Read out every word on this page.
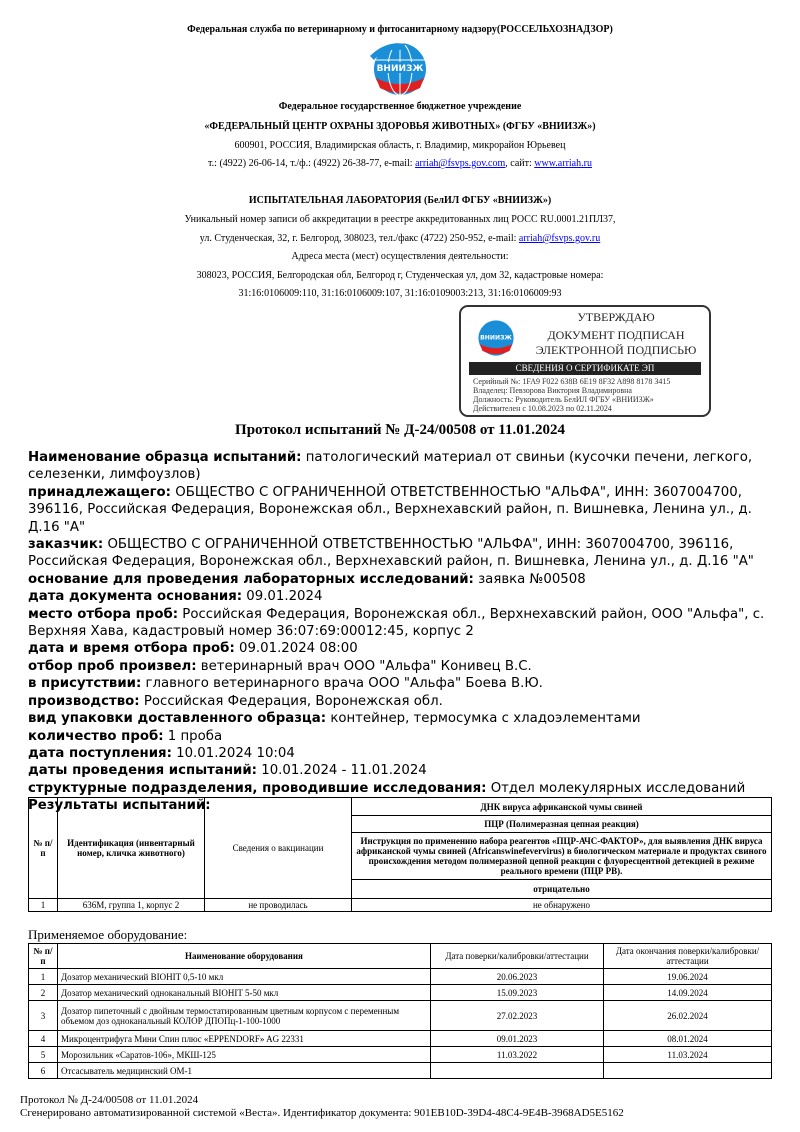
Федеральная служба по ветеринарному и фитосанитарному надзору(РОССЕЛЬХОЗНАДЗОР)
ВНИИЗЖ
Федеральное государственное бюджетное учреждение
«ФЕДЕРАЛЬНЫЙ ЦЕНТР ОХРАНЫ ЗДОРОВЬЯ ЖИВОТНЫХ» (ФГБУ «ВНИИЗЖ»)
600901, РОССИЯ, Владимирская область, г. Владимир, микрорайон Юрьевец
т.: (4922) 26-06-14, т./ф.: (4922) 26-38-77, e-mail: arriah@fsvps.gov.com, сайт: www.arriah.ru
ИСПЫТАТЕЛЬНАЯ ЛАБОРАТОРИЯ (БелИЛ ФГБУ «ВНИИЗЖ»)
Уникальный номер записи об аккредитации в реестре аккредитованных лиц РОСС RU.0001.21ПЛ37,
ул. Студенческая, 32, г. Белгород, 308023, тел./факс (4722) 250-952, e-mail: arriah@fsvps.gov.ru
Адреса места (мест) осуществления деятельности:
308023, РОССИЯ, Белгородская обл, Белгород г, Студенческая ул, дом 32, кадастровые номера:
31:16:0106009:110, 31:16:0106009:107, 31:16:0109003:213, 31:16:0106009:93
ВНИИЗЖ
УТВЕРЖДАЮ
ДОКУМЕНТ ПОДПИСАН
ЭЛЕКТРОННОЙ ПОДПИСЬЮ
СВЕДЕНИЯ О СЕРТИФИКАТЕ ЭП
Серийный №: 1FA9 F022 638B 6E19 8F32 A898 8178 3415
Владелец: Певзорова Виктория Владимировна
Должность: Руководитель БелИЛ ФГБУ «ВНИИЗЖ»
Действителен с 10.08.2023 по 02.11.2024
Протокол испытаний № Д-24/00508 от 11.01.2024

Наименование образца испытаний: патологический материал от свиньи (кусочки печени, легкого, селезенки, лимфоузлов)

принадлежащего: ОБЩЕСТВО С ОГРАНИЧЕННОЙ ОТВЕТСТВЕННОСТЬЮ "АЛЬФА", ИНН: 3607004700, 396116, Российская Федерация, Воронежская обл., Верхнехавский район, п. Вишневка, Ленина ул., д. Д.16 "А"

заказчик: ОБЩЕСТВО С ОГРАНИЧЕННОЙ ОТВЕТСТВЕННОСТЬЮ "АЛЬФА", ИНН: 3607004700, 396116, Российская Федерация, Воронежская обл., Верхнехавский район, п. Вишневка, Ленина ул., д. Д.16 "А"

основание для проведения лабораторных исследований: заявка №00508

дата документа основания: 09.01.2024

место отбора проб: Российская Федерация, Воронежская обл., Верхнехавский район, ООО "Альфа", с. Верхняя Хава, кадастровый номер 36:07:69:00012:45, корпус 2

дата и время отбора проб: 09.01.2024 08:00

отбор проб произвел: ветеринарный врач ООО "Альфа" Конивец В.С.

в присутствии: главного ветеринарного врача ООО "Альфа" Боева В.Ю.

производство: Российская Федерация, Воронежская обл.

вид упаковки доставленного образца: контейнер, термосумка с хладоэлементами

количество проб: 1 проба

дата поступления: 10.01.2024 10:04

даты проведения испытаний: 10.01.2024 - 11.01.2024

структурные подразделения, проводившие исследования: Отдел молекулярных исследований

Результаты испытаний:

№ п/п	Идентификация (инвентарный номер, кличка животного)	Сведения о вакцинации	ДНК вируса африканской чумы свиней
			ПЦР (Полимеразная цепная реакция)
			Инструкция по применению набора реагентов «ПЦР-АЧС-ФАКТОР», для выявления ДНК вируса африканской чумы свиней (Africanswinefevervirus) в биологическом материале и продуктах свиного происхождения методом полимеразной цепной реакции с флуоресцентной детекцией в режиме реального времени (ПЦР РВ).
			отрицательно
1	636М, группа 1, корпус 2	не проводилась	не обнаружено
Применяемое оборудование:
№ п/п	Наименование оборудования	Дата поверки/калибровки/аттестации	Дата окончания поверки/калибровки/аттестации
1	Дозатор механический BIOHIT 0,5-10 мкл	20.06.2023	19.06.2024
2	Дозатор механический одноканальный BIOHIT 5-50 мкл	15.09.2023	14.09.2024
3	Дозатор пипеточный с двойным термостатированным цветным корпусом с переменным объемом доз одноканальный КОЛОР ДПОПц-1-100-1000	27.02.2023	26.02.2024
4	Микроцентрифуга Мини Спин плюс «EPPENDORF» AG 22331	09.01.2023	08.01.2024
5	Морозильник «Саратов-106», МКШ-125	11.03.2022	11.03.2024
6	Отсасыватель медицинский ОМ-1		
Протокол № Д-24/00508 от 11.01.2024
Сгенерировано автоматизированной системой «Веста». Идентификатор документа: 901EB10D-39D4-48C4-9E4B-3968AD5E5162
